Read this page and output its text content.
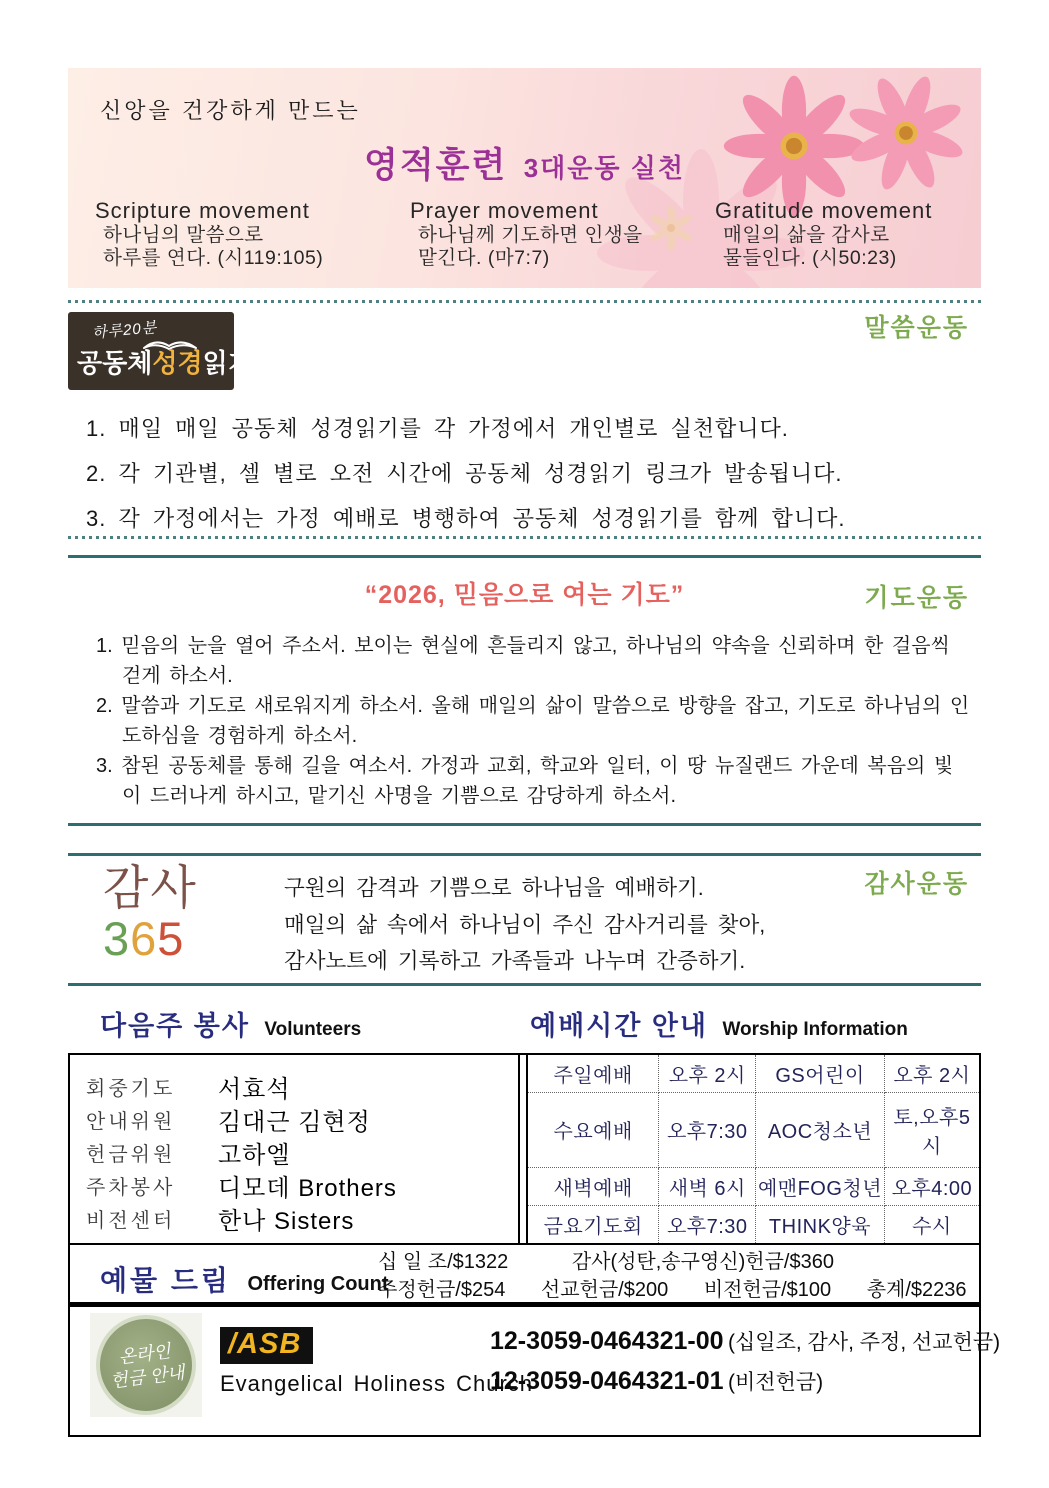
신앙을 건강하게 만드는
영적훈련 3대운동 실천
Scripture movement
하나님의 말씀으로
하루를 연다. (시119:105)
Prayer movement
하나님께 기도하면 인생을
맡긴다. (마7:7)
Gratitude movement
매일의 삶을 감사로
물들인다. (시50:23)
하루20분
공동체성경읽기
말씀운동
1. 매일 매일 공동체 성경읽기를 각 가정에서 개인별로 실천합니다.
2. 각 기관별, 셀 별로 오전 시간에 공동체 성경읽기 링크가 발송됩니다.
3. 각 가정에서는 가정 예배로 병행하여 공동체 성경읽기를 함께 합니다.
“2026, 믿음으로 여는 기도”	기도운동
1. 믿음의 눈을 열어 주소서. 보이는 현실에 흔들리지 않고, 하나님의 약속을 신뢰하며 한 걸음씩 걷게 하소서.
2. 말씀과 기도로 새로워지게 하소서. 올해 매일의 삶이 말씀으로 방향을 잡고, 기도로 하나님의 인도하심을 경험하게 하소서.
3. 참된 공동체를 통해 길을 여소서. 가정과 교회, 학교와 일터, 이 땅 뉴질랜드 가운데 복음의 빛이 드러나게 하시고, 맡기신 사명을 기쁨으로 감당하게 하소서.
감사
365
구원의 감격과 기쁨으로 하나님을 예배하기.
매일의 삶 속에서 하나님이 주신 감사거리를 찾아,
감사노트에 기록하고 가족들과 나누며 간증하기.
감사운동
다음주 봉사 Volunteers	예배시간 안내 Worship Information
회중기도	서효석
안내위원	김대근 김현정
헌금위원	고하엘
주차봉사	디모데 Brothers
비전센터	한나 Sisters
주일예배	오후 2시	GS어린이	오후 2시
수요예배	오후7:30	AOC청소년	토,오후5시
새벽예배	새벽 6시	예맨FOG청년	오후4:00
금요기도회	오후7:30	THINK양육	수시
예물 드림 Offering Count
십 일 조/$1322	감사(성탄,송구영신)헌금/$360
주정헌금/$254 선교헌금/$200 비전헌금/$100 총계/$2236
온라인
헌금 안내
/ASB
Evangelical Holiness Church
12-3059-0464321-00 (십일조, 감사, 주정, 선교헌금)
12-3059-0464321-01 (비전헌금)
